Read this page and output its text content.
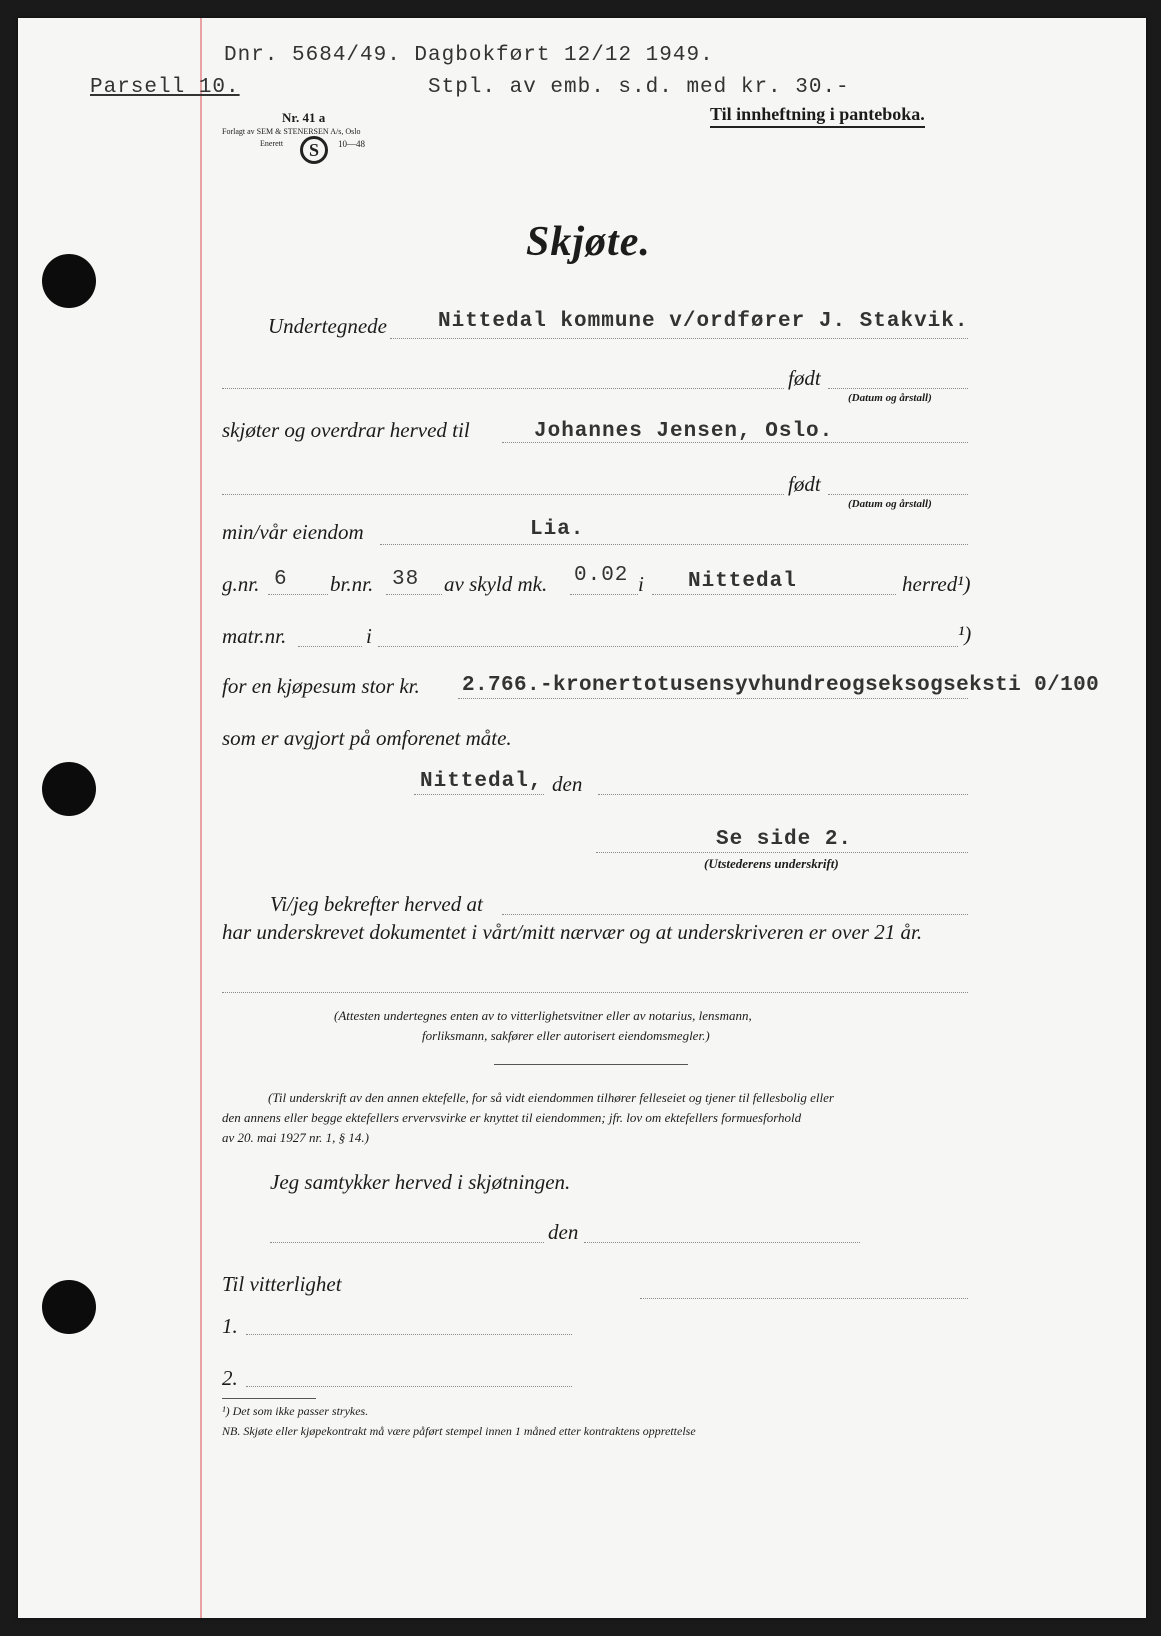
Dnr. 5684/49. Dagbokført 12/12 1949.
Stpl. av emb. s.d. med kr. 30.-
Parsell 10.
Nr. 41 a
Forlagt av SEM & STENERSEN A/s, Oslo
Enerett	S	10—48
Til innheftning i panteboka.
Skjøte.
Undertegnede Nittedal kommune v/ordfører J. Stakvik.
født
(Datum og årstall)
skjøter og overdrar herved til	Johannes Jensen, Oslo.
født
(Datum og årstall)
min/vår eiendom	Lia.
g.nr. 6 br.nr. 38 av skyld mk. 0.02 i Nittedal	herred¹)
matr.nr.	i	¹)
for en kjøpesum stor kr. 2.766.-kronertotusensyvhundreogseksogseksti 0/100
som er avgjort på omforenet måte.
Nittedal, den
Se side 2.
(Utstederens underskrift)
Vi/jeg bekrefter herved at
har underskrevet dokumentet i vårt/mitt nærvær og at underskriveren er over 21 år.
(Attesten undertegnes enten av to vitterlighetsvitner eller av notarius, lensmann,
forliksmann, sakfører eller autorisert eiendomsmegler.)
(Til underskrift av den annen ektefelle, for så vidt eiendommen tilhører felleseiet og tjener til fellesbolig eller
den annens eller begge ektefellers ervervsvirke er knyttet til eiendommen; jfr. lov om ektefellers formuesforhold
av 20. mai 1927 nr. 1, § 14.)
Jeg samtykker herved i skjøtningen.
den
Til vitterlighet
1.
2.
¹) Det som ikke passer strykes.
NB. Skjøte eller kjøpekontrakt må være påført stempel innen 1 måned etter kontraktens opprettelse
